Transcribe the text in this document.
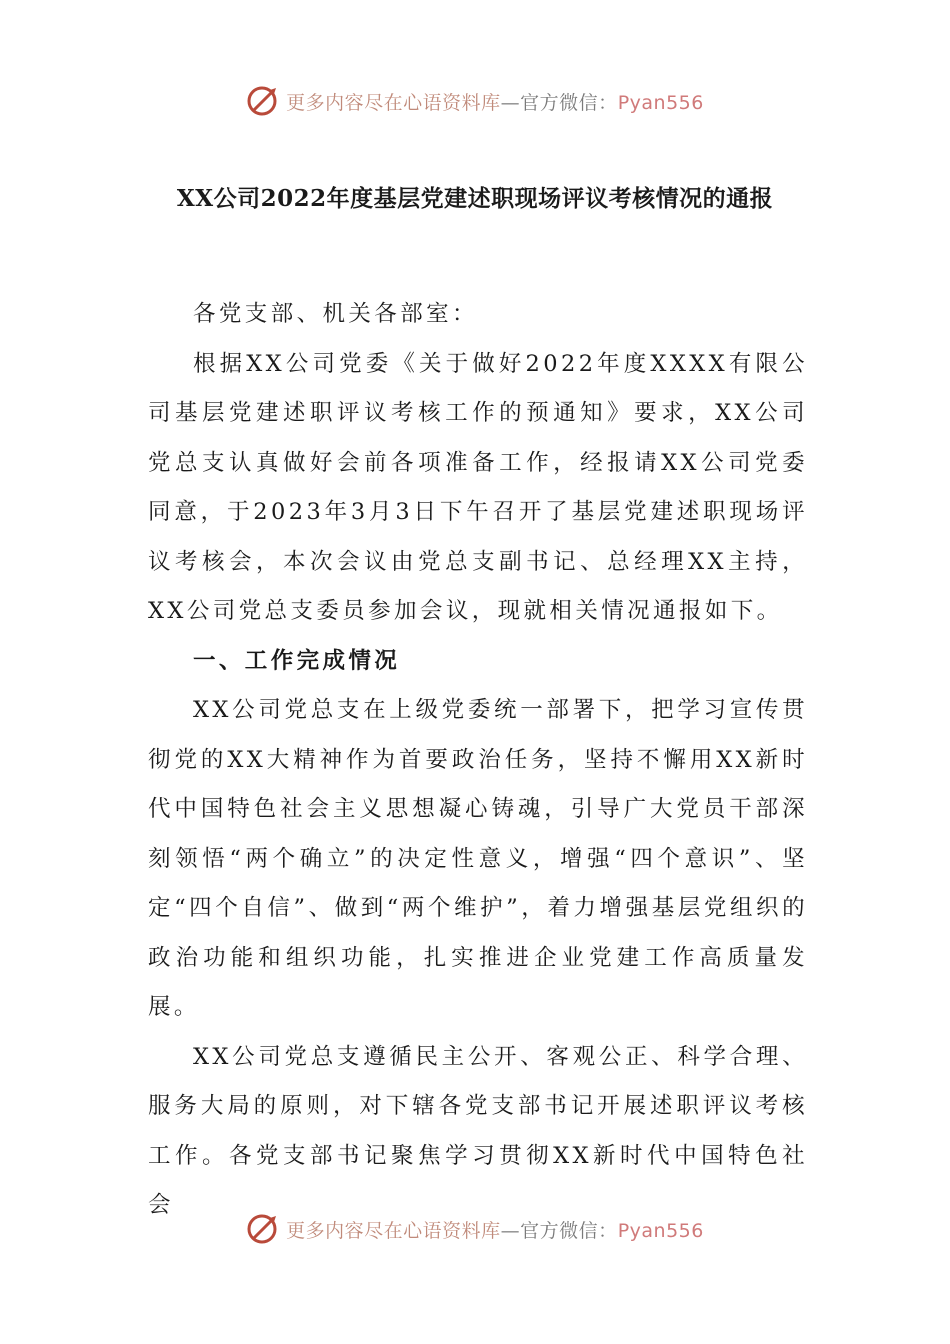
更多内容尽在心语资料库—官方微信：Pyan556
XX公司2022年度基层党建述职现场评议考核情况的通报

各党支部、机关各部室：

根据XX公司党委《关于做好2022年度XXXX有限公司基层党建述职评议考核工作的预通知》要求，XX公司党总支认真做好会前各项准备工作，经报请XX公司党委同意，于2023年3月3日下午召开了基层党建述职现场评议考核会，本次会议由党总支副书记、总经理XX主持，XX公司党总支委员参加会议，现就相关情况通报如下。

一、工作完成情况

XX公司党总支在上级党委统一部署下，把学习宣传贯彻党的XX大精神作为首要政治任务，坚持不懈用XX新时代中国特色社会主义思想凝心铸魂，引导广大党员干部深刻领悟“两个确立”的决定性意义，增强“四个意识”、坚定“四个自信”、做到“两个维护”，着力增强基层党组织的政治功能和组织功能，扎实推进企业党建工作高质量发展。

XX公司党总支遵循民主公开、客观公正、科学合理、服务大局的原则，对下辖各党支部书记开展述职评议考核工作。各党支部书记聚焦学习贯彻XX新时代中国特色社会

更多内容尽在心语资料库—官方微信：Pyan556
